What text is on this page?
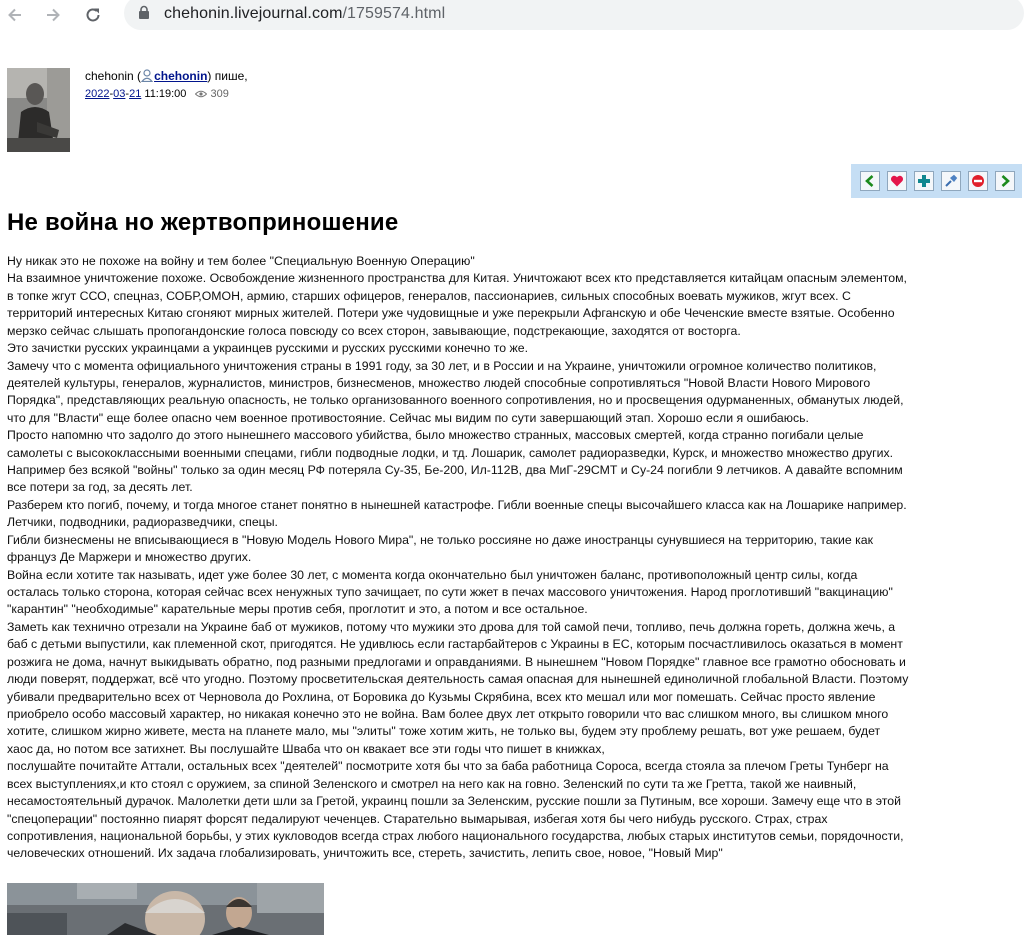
chehonin.livejournal.com/1759574.html
chehonin ( chehonin) пише,
2022-03-21 11:19:00 309
Не война но жертвоприношение
Ну никак это не похоже на войну и тем более "Специальную Военную Операцию"
На взаимное уничтожение похоже. Освобождение жизненного пространства для Китая. Уничтожают всех кто представляется китайцам опасным элементом,
в топке жгут ССО, спецназ, СОБР,ОМОН, армию, старших офицеров, генералов, пассионариев, сильных способных воевать мужиков, жгут всех. С
территорий интересных Китаю сгоняют мирных жителей. Потери уже чудовищные и уже перекрыли Афганскую и обе Чеченские вместе взятые. Особенно
мерзко сейчас слышать пропогандонские голоса повсюду со всех сторон, завывающие, подстрекающие, заходятся от восторга.
Это зачистки русских украинцами а украинцев русскими и русских русскими конечно то же.
Замечу что с момента официального уничтожения страны в 1991 году, за 30 лет, и в России и на Украине, уничтожили огромное количество политиков,
деятелей культуры, генералов, журналистов, министров, бизнесменов, множество людей способные сопротивляться "Новой Власти Нового Мирового
Порядка", представляющих реальную опасность, не только организованного военного сопротивления, но и просвещения одурманенных, обманутых людей,
что для "Власти" еще более опасно чем военное противостояние. Сейчас мы видим по сути завершающий этап. Хорошо если я ошибаюсь.
Просто напомню что задолго до этого нынешнего массового убийства, было множество странных, массовых смертей, когда странно погибали целые
самолеты с высококлассными военными спецами, гибли подводные лодки, и тд. Лошарик, самолет радиоразведки, Курск, и множество множество других.
Например без всякой "войны" только за один месяц РФ потеряла Су-35, Бе-200, Ил-112В, два МиГ-29СМТ и Су-24 погибли 9 летчиков. А давайте вспомним
все потери за год, за десять лет.
Разберем кто погиб, почему, и тогда многое станет понятно в нынешней катастрофе. Гибли военные спецы высочайшего класса как на Лошарике например.
Летчики, подводники, радиоразведчики, спецы.
Гибли бизнесмены не вписывающиеся в "Новую Модель Нового Мира", не только россияне но даже иностранцы сунувшиеся на территорию, такие как
француз Де Маржери и множество других.
Война если хотите так называть, идет уже более 30 лет, с момента когда окончательно был уничтожен баланс, противоположный центр силы, когда
осталась только сторона, которая сейчас всех ненужных тупо зачищает, по сути жжет в печах массового уничтожения. Народ проглотивший "вакцинацию"
"карантин" "необходимые" карательные меры против себя, проглотит и это, а потом и все остальное.
Заметь как технично отрезали на Украине баб от мужиков, потому что мужики это дрова для той самой печи, топливо, печь должна гореть, должна жечь, а
баб с детьми выпустили, как племенной скот, пригодятся. Не удивлюсь если гастарбайтеров с Украины в ЕС, которым посчастливилось оказаться в момент
розжига не дома, начнут выкидывать обратно, под разными предлогами и оправданиями. В нынешнем "Новом Порядке" главное все грамотно обосновать и
люди поверят, поддержат, всё что угодно. Поэтому просветительская деятельность самая опасная для нынешней единоличной глобальной Власти. Поэтому
убивали предварительно всех от Черновола до Рохлина, от Боровика до Кузьмы Скрябина, всех кто мешал или мог помешать. Сейчас просто явление
приобрело особо массовый характер, но никакая конечно это не война. Вам более двух лет открыто говорили что вас слишком много, вы слишком много
хотите, слишком жирно живете, места на планете мало, мы "элиты" тоже хотим жить, не только вы, будем эту проблему решать, вот уже решаем, будет
хаос да, но потом все затихнет. Вы послушайте Шваба что он квакает все эти годы что пишет в книжках,
послушайте почитайте Аттали, остальных всех "деятелей" посмотрите хотя бы что за баба работница Сороса, всегда стояла за плечом Греты Тунберг на
всех выступлениях,и кто стоял с оружием, за спиной Зеленского и смотрел на него как на говно. Зеленский по сути та же Гретта, такой же наивный,
несамостоятельный дурачок. Малолетки дети шли за Гретой, украинц пошли за Зеленским, русские пошли за Путиным, все хороши. Замечу еще что в этой
"спецоперации" постоянно пиарят форсят педалируют чеченцев. Старательно вымарывая, избегая хотя бы чего нибудь русского. Страх, страх
сопротивления, национальной борьбы, у этих кукловодов всегда страх любого национального государства, любых старых институтов семьи, порядочности,
человеческих отношений. Их задача глобализировать, уничтожить все, стереть, зачистить, лепить свое, новое, "Новый Мир"
